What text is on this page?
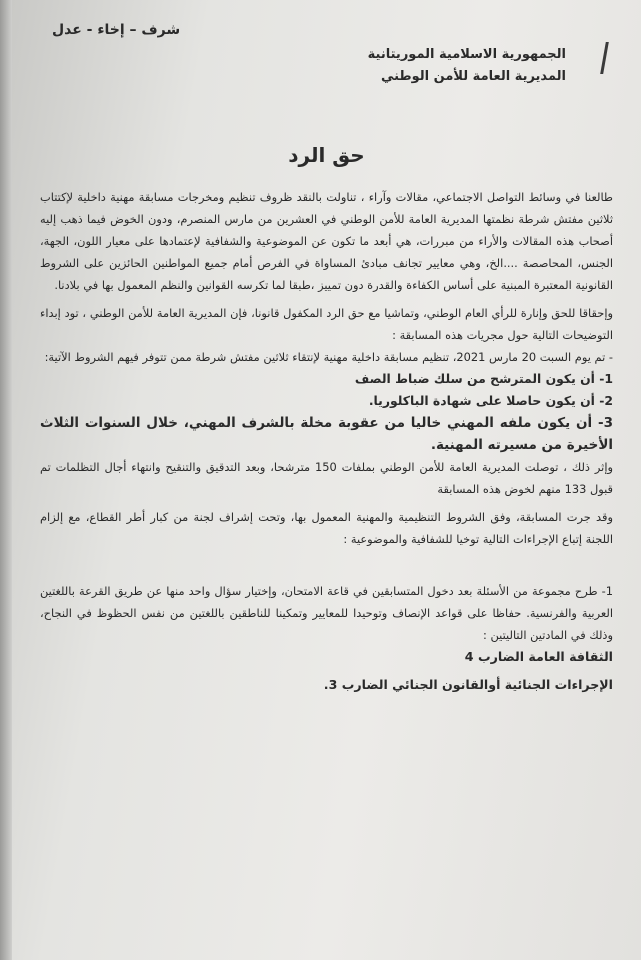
شرف – إخاء - عدل
الجمهورية الاسلامية الموريتانية
المديرية العامة للأمن الوطني
حق الرد

طالعنا في وسائط التواصل الاجتماعي، مقالات وآراء ، تناولت بالنقد ظروف تنظيم ومخرجات مسابقة مهنية داخلية لإكتتاب ثلاثين مفتش شرطة نظمتها المديرية العامة للأمن الوطني في العشرين من مارس المنصرم، ودون الخوض فيما ذهب إليه أصحاب هذه المقالات والأراء من مبررات، هي أبعد ما تكون عن الموضوعية والشفافية لإعتمادها على معيار اللون، الجهة، الجنس، المحاصصة ....الخ، وهي معايير تجانف مبادئ المساواة في الفرص أمام جميع المواطنين الحائزين على الشروط القانونية المعتبرة المبنية على أساس الكفاءة والقدرة دون تمييز ،طبقا لما تكرسه القوانين والنظم المعمول بها في بلادنا.

وإحقاقا للحق وإنارة للرأي العام الوطني، وتماشيا مع حق الرد المكفول قانونا، فإن المديرية العامة للأمن الوطني ، تود إبداء التوضيحات التالية حول مجريات هذه المسابقة :

- تم يوم السبت 20 مارس 2021، تنظيم مسابقة داخلية مهنية لإنتقاء ثلاثين مفتش شرطة ممن تتوفر فيهم الشروط الآتية:

1- أن يكون المترشح من سلك ضباط الصف

2- أن يكون حاصلا على شهادة الباكلوريا.

3- أن يكون ملفه المهني خاليا من عقوبة مخلة بالشرف المهني، خلال السنوات الثلاث الأخيرة من مسيرته المهنية.

وإثر ذلك ، توصلت المديرية العامة للأمن الوطني بملفات 150 مترشحا، وبعد التدقيق والتنقيح وانتهاء أجال التظلمات تم قبول 133 منهم لخوض هذه المسابقة

وقد جرت المسابقة، وفق الشروط التنظيمية والمهنية المعمول بها، وتحت إشراف لجنة من كبار أطر القطاع، مع إلزام اللجنة إتباع الإجراءات التالية توخيا للشفافية والموضوعية :

1- طرح مجموعة من الأسئلة بعد دخول المتسابقين في قاعة الامتحان، وإختيار سؤال واحد منها عن طريق القرعة باللغتين العربية والفرنسية. حفاظا على قواعد الإنصاف وتوحيدا للمعايير وتمكينا للناطقين باللغتين من نفس الحظوظ في النجاح، وذلك في المادتين التاليتين :

الثقافة العامة الضارب 4

الإجراءات الجنائية أوالقانون الجنائي الضارب 3.
